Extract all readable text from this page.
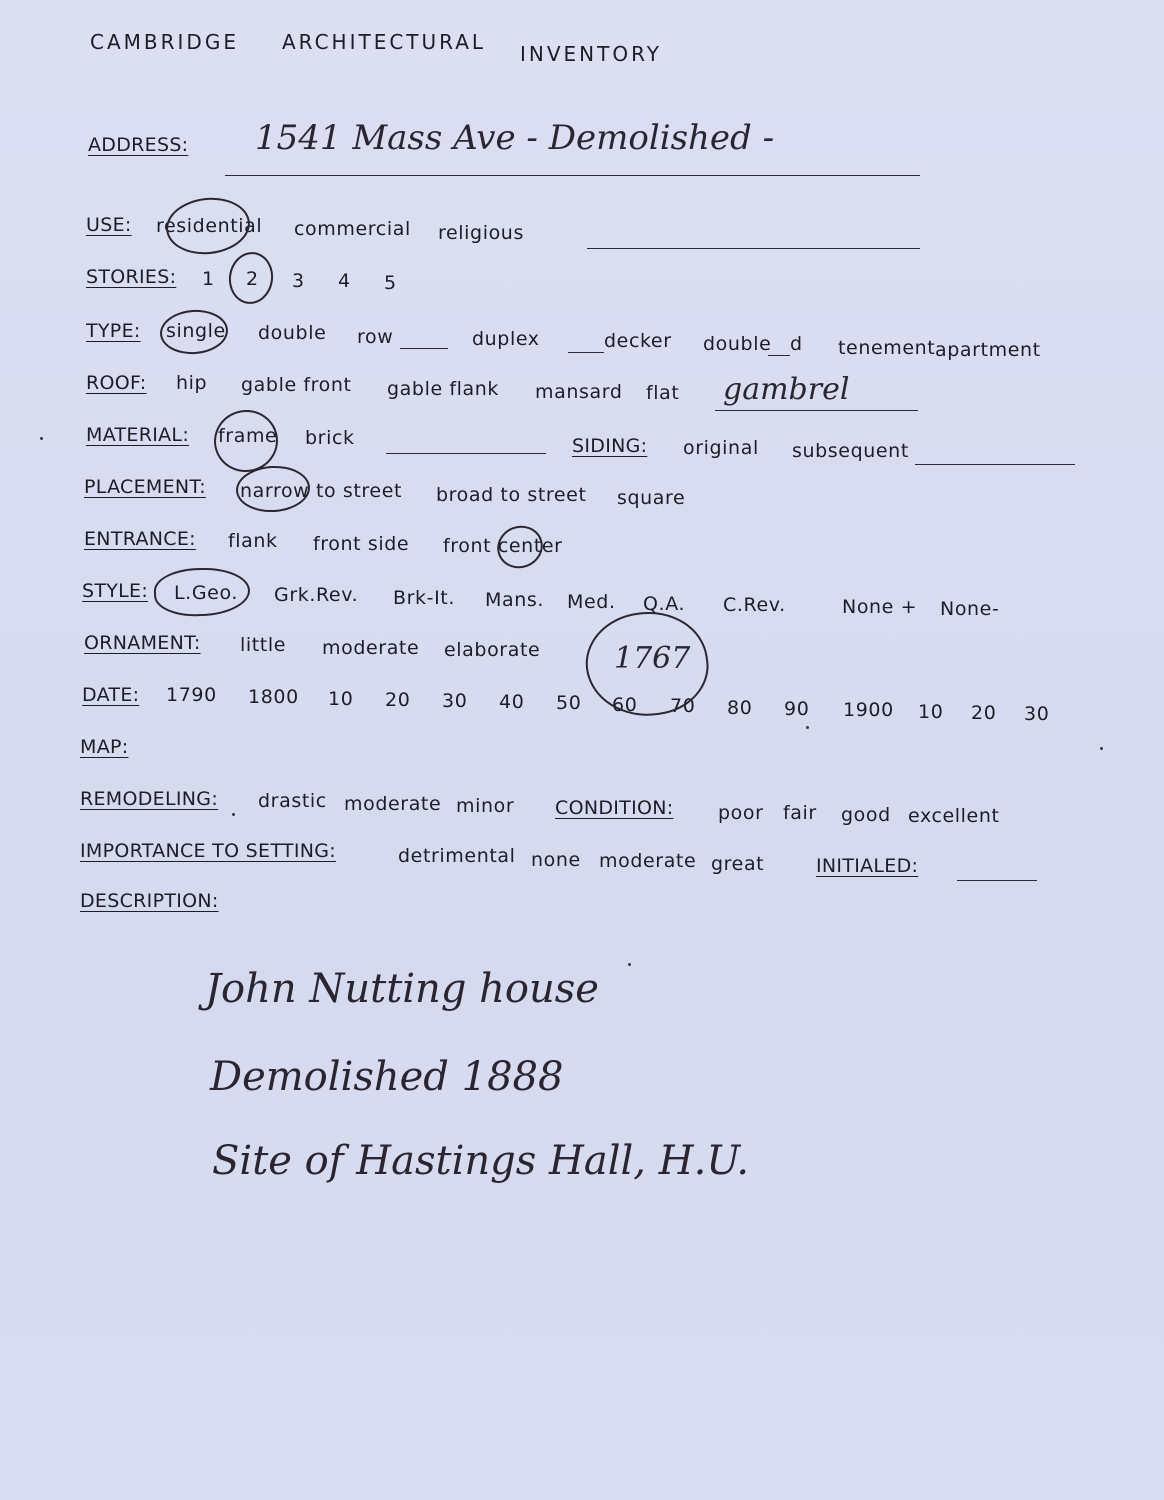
CAMBRIDGE ARCHITECTURAL INVENTORY
ADDRESS: 1541 Mass Ave - Demolished -
USE: residential commercial religious
STORIES: 1 2 3 4 5
TYPE: single double row	duplex	decker double d tenement apartment
ROOF: hip gable front gable flank mansard flat gambrel
MATERIAL: frame brick	SIDING: original subsequent
PLACEMENT: narrow to street broad to street square
ENTRANCE: flank front side front center
STYLE: L.Geo. Grk.Rev. Brk-It. Mans. Med. Q.A. C.Rev.	None + None-
ORNAMENT: little moderate elaborate
DATE: 1790 1800 10 20 30 40 50 60 70 80 90 1900 10 20 30
1767
MAP:
REMODELING: drastic moderate minor CONDITION: poor fair good excellent
IMPORTANCE TO SETTING:	detrimental none moderate great	INITIALED:
DESCRIPTION:
John Nutting house
Demolished 1888
Site of Hastings Hall, H.U.
